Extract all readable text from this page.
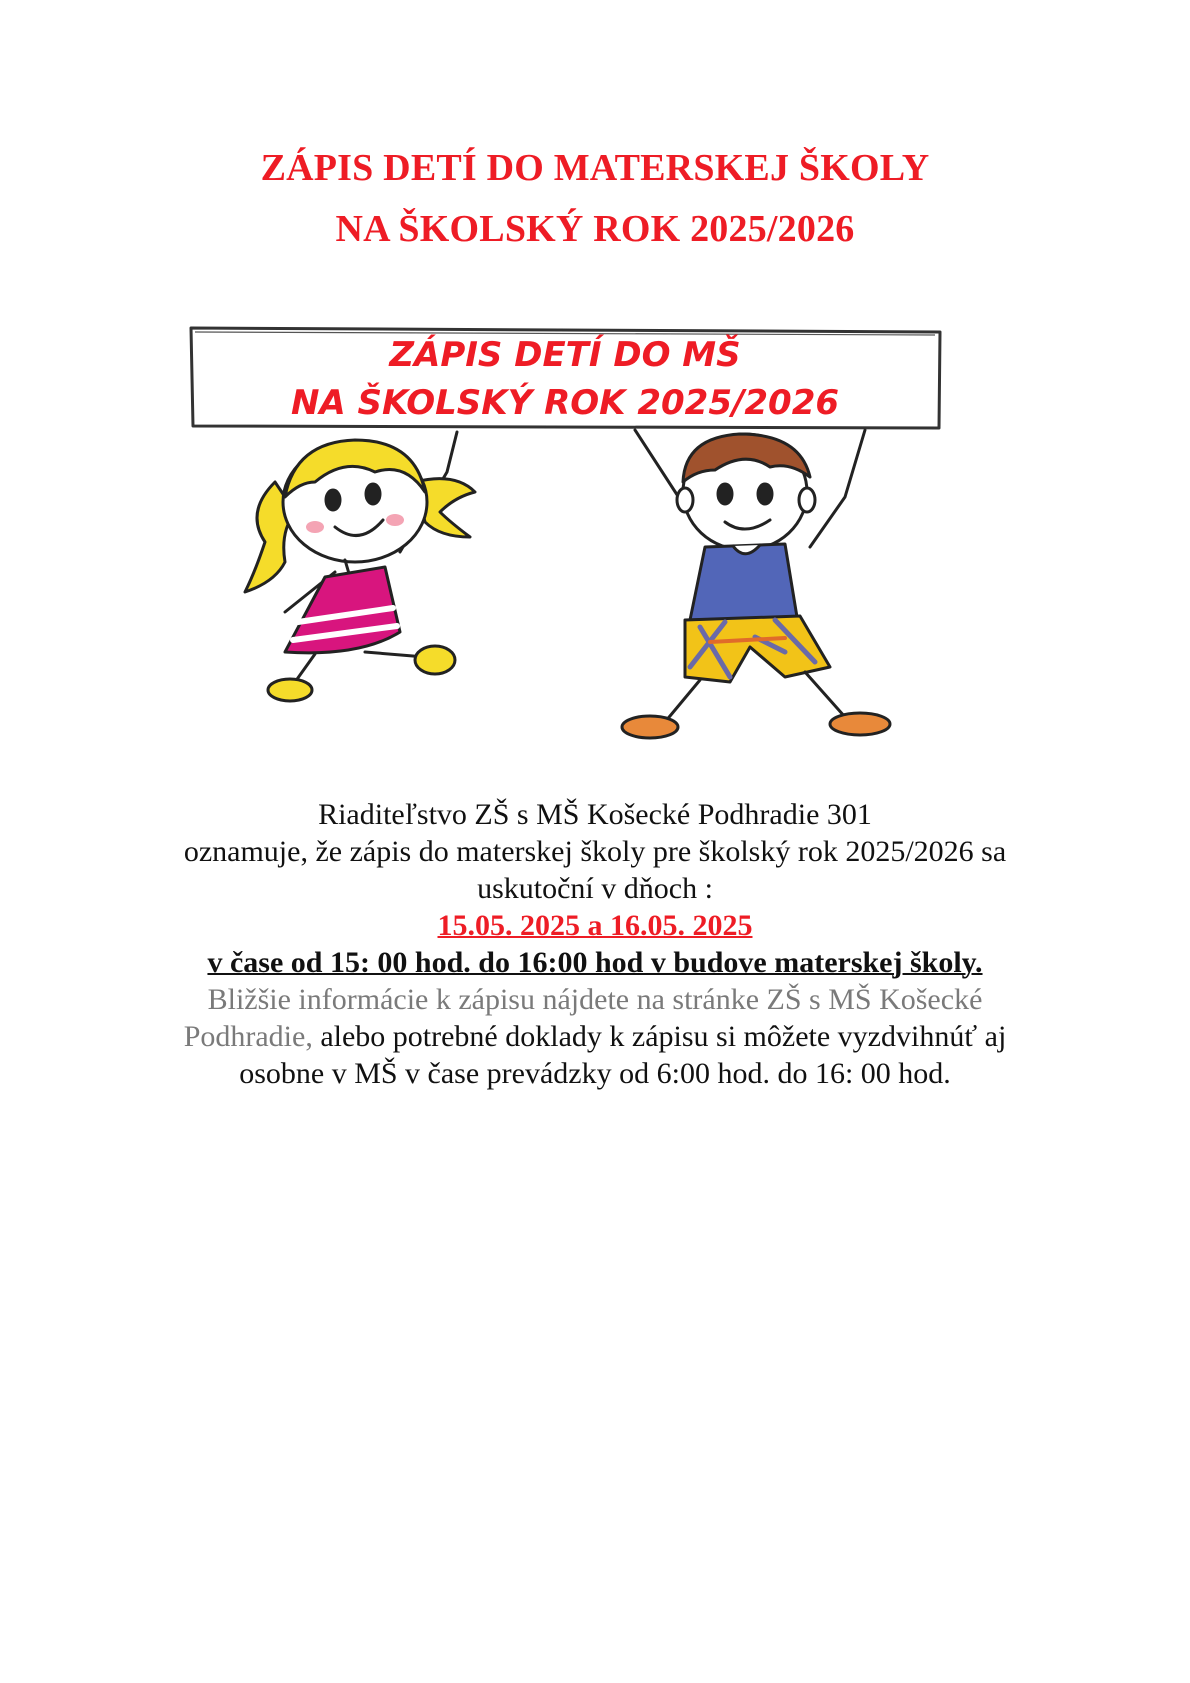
ZÁPIS DETÍ DO MATERSKEJ ŠKOLY
NA ŠKOLSKÝ ROK 2025/2026
ZÁPIS DETÍ DO MŠ
NA ŠKOLSKÝ ROK 2025/2026
Riaditeľstvo ZŠ s MŠ Košecké Podhradie 301
oznamuje, že zápis do materskej školy pre školský rok 2025/2026 sa
uskutoční v dňoch :
15.05. 2025 a 16.05. 2025
v čase od 15: 00 hod. do 16:00 hod v budove materskej školy.
Bližšie informácie k zápisu nájdete na stránke ZŠ s MŠ Košecké
Podhradie, alebo potrebné doklady k zápisu si môžete vyzdvihnúť aj
osobne v MŠ v čase prevádzky od 6:00 hod. do 16: 00 hod.
